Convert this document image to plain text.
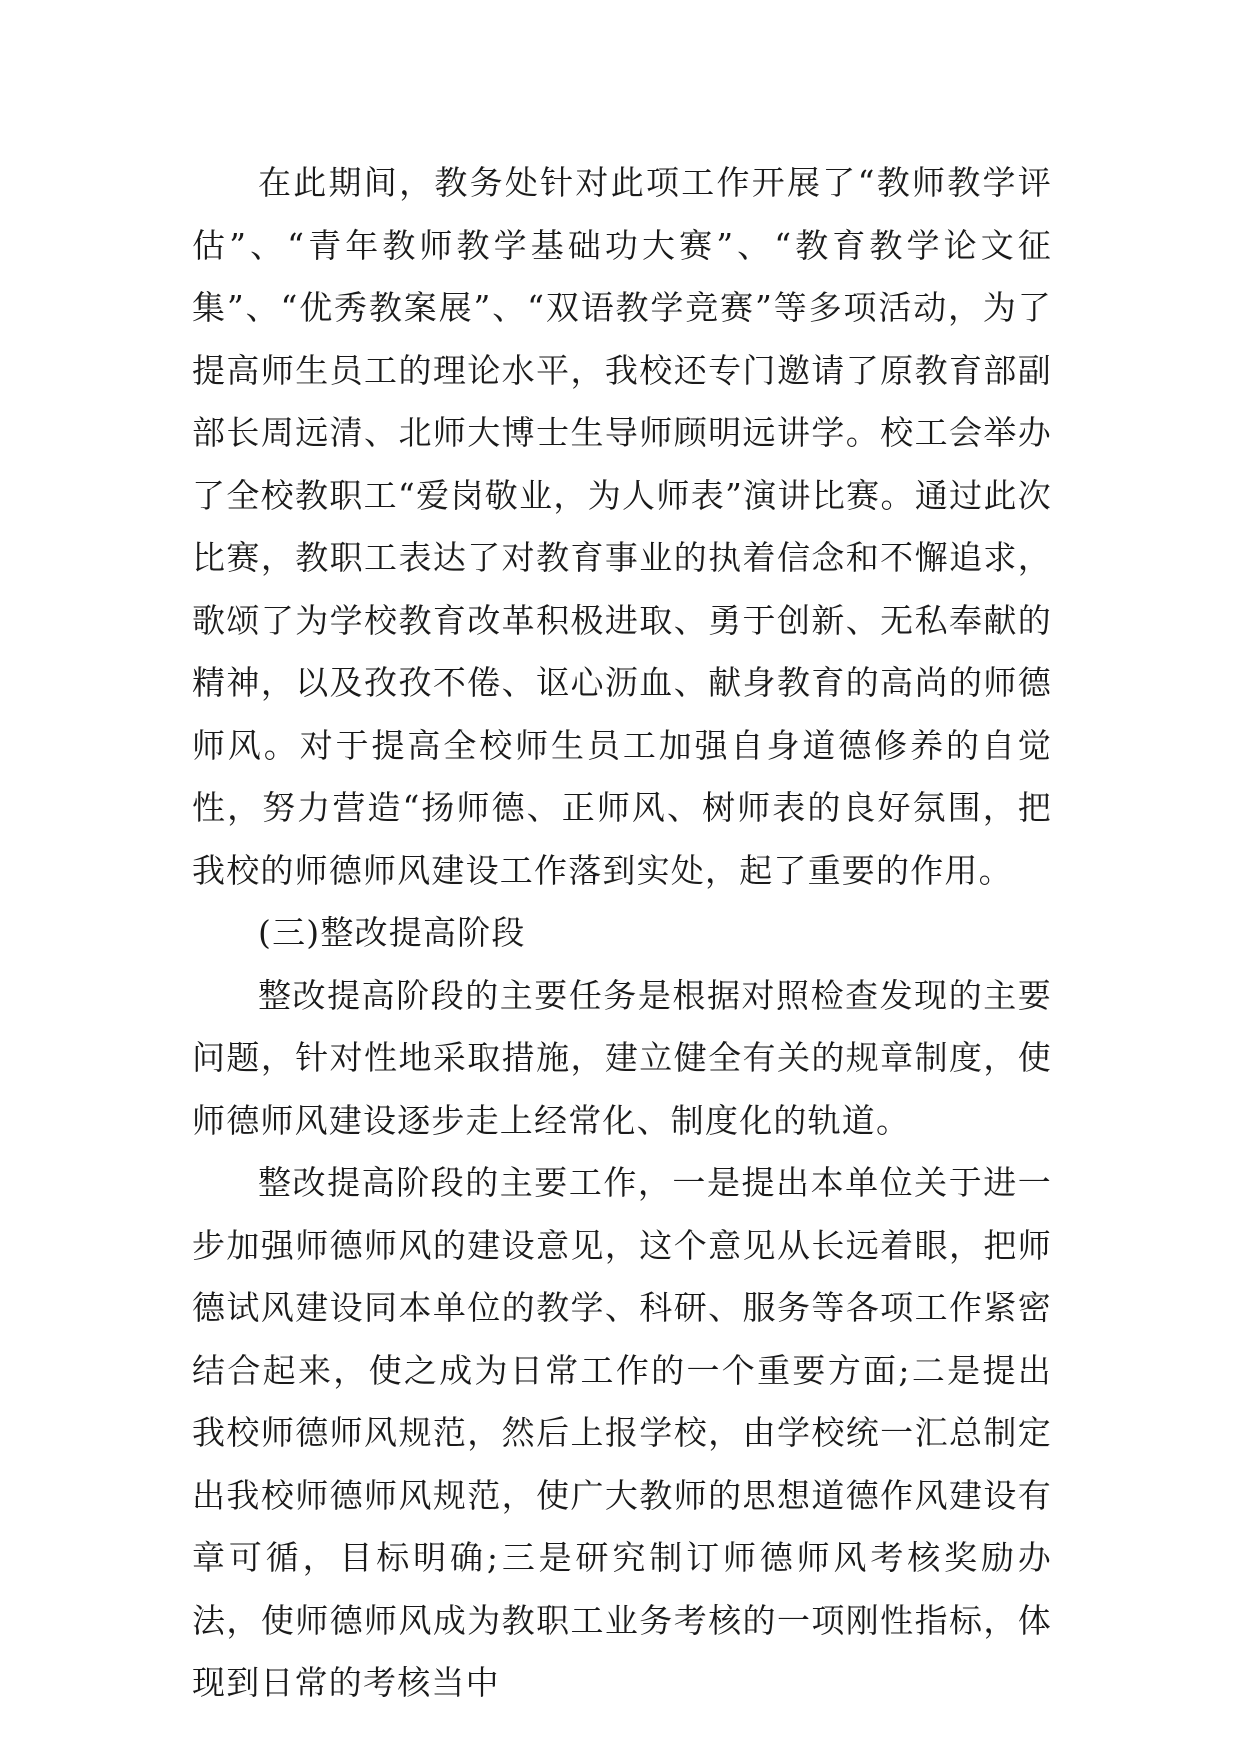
在此期间，教务处针对此项工作开展了“教师教学评估”、“青年教师教学基础功大赛”、“教育教学论文征集”、“优秀教案展”、“双语教学竞赛”等多项活动，为了提高师生员工的理论水平，我校还专门邀请了原教育部副部长周远清、北师大博士生导师顾明远讲学。校工会举办了全校教职工“爱岗敬业，为人师表”演讲比赛。通过此次比赛，教职工表达了对教育事业的执着信念和不懈追求，歌颂了为学校教育改革积极进取、勇于创新、无私奉献的精神，以及孜孜不倦、讴心沥血、献身教育的高尚的师德师风。对于提高全校师生员工加强自身道德修养的自觉性，努力营造“扬师德、正师风、树师表的良好氛围，把我校的师德师风建设工作落到实处，起了重要的作用。

(三)整改提高阶段

整改提高阶段的主要任务是根据对照检查发现的主要问题，针对性地采取措施，建立健全有关的规章制度，使师德师风建设逐步走上经常化、制度化的轨道。

整改提高阶段的主要工作，一是提出本单位关于进一步加强师德师风的建设意见，这个意见从长远着眼，把师德试风建设同本单位的教学、科研、服务等各项工作紧密结合起来，使之成为日常工作的一个重要方面;二是提出我校师德师风规范，然后上报学校，由学校统一汇总制定出我校师德师风规范，使广大教师的思想道德作风建设有章可循，目标明确;三是研究制订师德师风考核奖励办法，使师德师风成为教职工业务考核的一项刚性指标，体现到日常的考核当中
